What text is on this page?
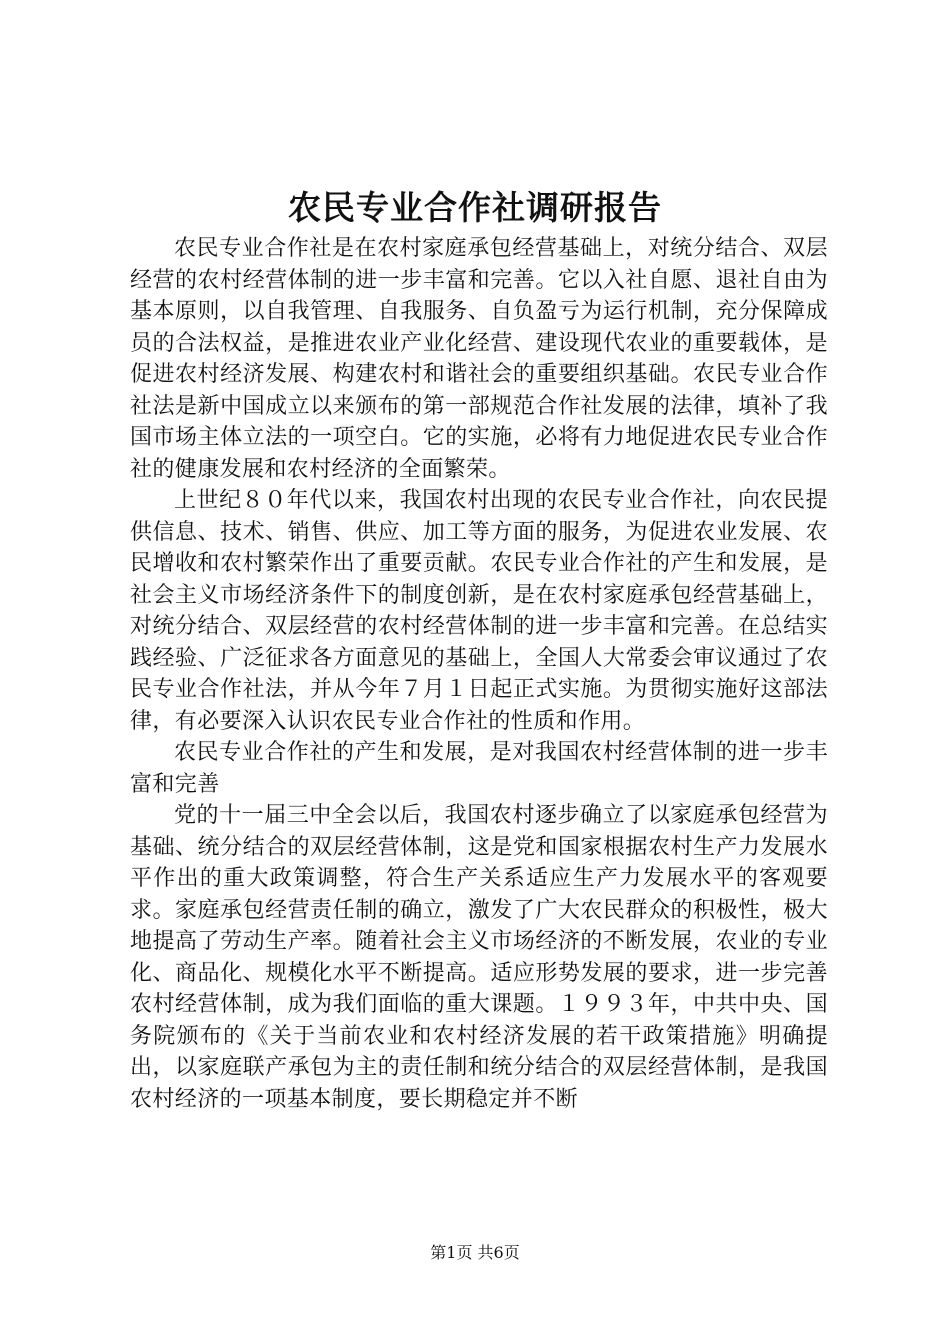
农民专业合作社调研报告

农民专业合作社是在农村家庭承包经营基础上，对统分结合、双层经营的农村经营体制的进一步丰富和完善。它以入社自愿、退社自由为基本原则，以自我管理、自我服务、自负盈亏为运行机制，充分保障成员的合法权益，是推进农业产业化经营、建设现代农业的重要载体，是促进农村经济发展、构建农村和谐社会的重要组织基础。农民专业合作社法是新中国成立以来颁布的第一部规范合作社发展的法律，填补了我国市场主体立法的一项空白。它的实施，必将有力地促进农民专业合作社的健康发展和农村经济的全面繁荣。

上世纪８０年代以来，我国农村出现的农民专业合作社，向农民提供信息、技术、销售、供应、加工等方面的服务，为促进农业发展、农民增收和农村繁荣作出了重要贡献。农民专业合作社的产生和发展，是社会主义市场经济条件下的制度创新，是在农村家庭承包经营基础上，对统分结合、双层经营的农村经营体制的进一步丰富和完善。在总结实践经验、广泛征求各方面意见的基础上，全国人大常委会审议通过了农民专业合作社法，并从今年７月１日起正式实施。为贯彻实施好这部法律，有必要深入认识农民专业合作社的性质和作用。

农民专业合作社的产生和发展，是对我国农村经营体制的进一步丰富和完善

党的十一届三中全会以后，我国农村逐步确立了以家庭承包经营为基础、统分结合的双层经营体制，这是党和国家根据农村生产力发展水平作出的重大政策调整，符合生产关系适应生产力发展水平的客观要求。家庭承包经营责任制的确立，激发了广大农民群众的积极性，极大地提高了劳动生产率。随着社会主义市场经济的不断发展，农业的专业化、商品化、规模化水平不断提高。适应形势发展的要求，进一步完善农村经营体制，成为我们面临的重大课题。１９９３年，中共中央、国务院颁布的《关于当前农业和农村经济发展的若干政策措施》明确提出，以家庭联产承包为主的责任制和统分结合的双层经营体制，是我国农村经济的一项基本制度，要长期稳定并不断

第1页 共6页
